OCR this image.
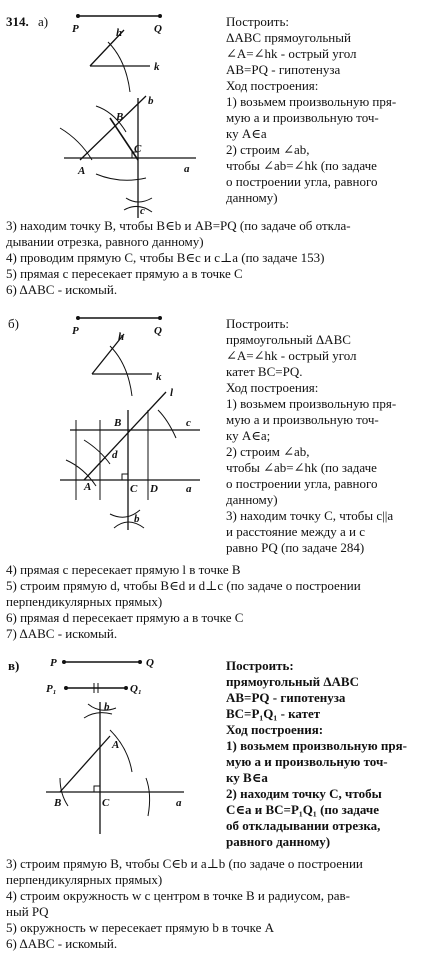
314. а) P	Q
h
k
B
b
C
A	a
c
Построить:
ΔABC прямоугольный
∠A=∠hk - острый угол
AB=PQ - гипотенуза
Ход построения:
1) возьмем произвольную пря-
мую a и произвольную точ-
ку A∈a
2) строим ∠ab,
чтобы ∠ab=∠hk (по задаче
о построении угла, равного
данному)
3) находим точку B, чтобы B∈b и AB=PQ (по задаче об откла-
дывании отрезка, равного данному)
4) проводим прямую C, чтобы B∈c и c⊥a (по задаче 153)
5) прямая c пересекает прямую a в точке C
6) ΔABC - искомый.
б)	P	Q
h
k
l
B	c
A	C D	a
d
b
Построить:
прямоугольный ΔABC
∠A=∠hk - острый угол
катет BC=PQ.
Ход построения:
1) возьмем произвольную пря-
мую a и произвольную точ-
ку A∈a;
2) строим ∠ab,
чтобы ∠ab=∠hk (по задаче
о построении угла, равного
данному)
3) находим точку C, чтобы c||a
и расстояние между a и c
равно PQ (по задаче 284)
4) прямая c пересекает прямую l в точке B
5) строим прямую d, чтобы B∈d и d⊥c (по задаче о построении
перпендикулярных прямых)
6) прямая d пересекает прямую a в точке C
7) ΔABC - искомый.
в)	P	Q
P₁	Q₁
b
A
B	C	a
Построить:
прямоугольный ΔABC
AB=PQ - гипотенуза
BC=P₁Q₁ - катет
Ход построения:
1) возьмем произвольную пря-
мую a и произвольную точ-
ку B∈a
2) находим точку C, чтобы
C∈a и BC=P₁Q₁ (по задаче
об откладывании отрезка,
равного данному)
3) строим прямую B, чтобы C∈b и a⊥b (по задаче о построении
перпендикулярных прямых)
4) строим окружность w c центром в точке B и радиусом, рав-
ный PQ
5) окружность w пересекает прямую b в точке A
6) ΔABC - искомый.
